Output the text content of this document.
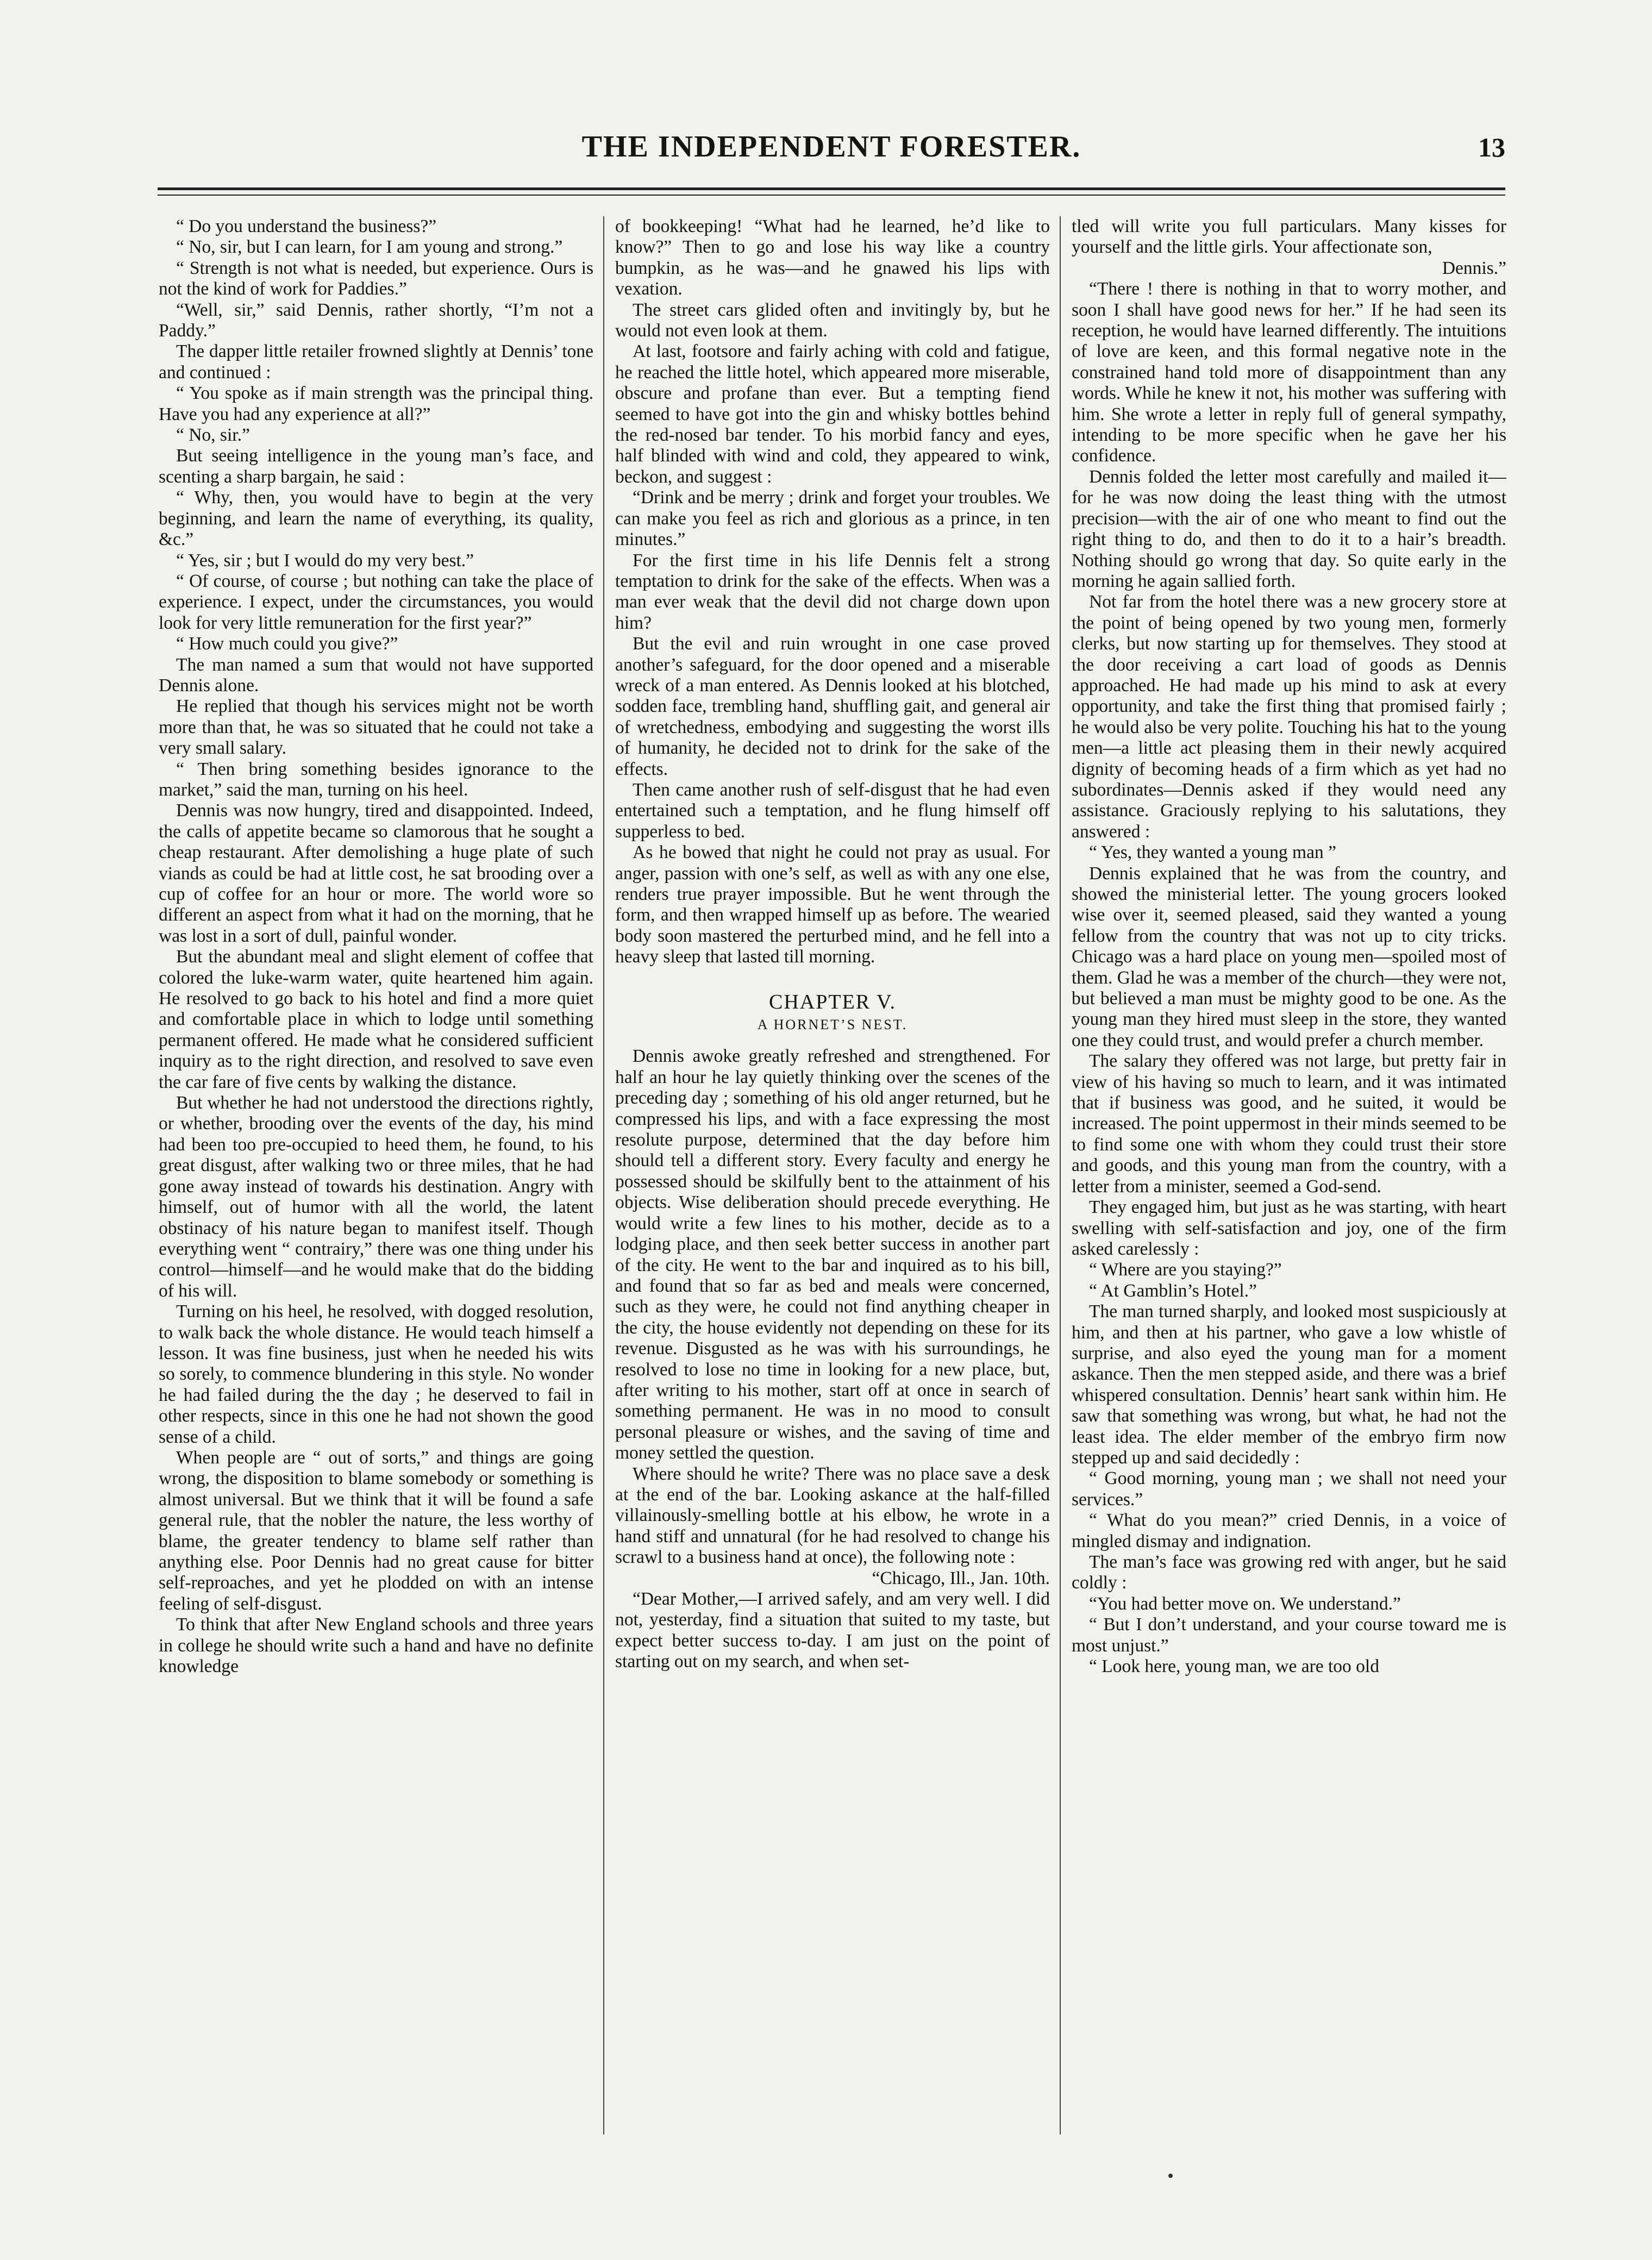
THE INDEPENDENT FORESTER.	13

“ Do you understand the business?”

“ No, sir, but I can learn, for I am young and strong.”

“ Strength is not what is needed, but experience. Ours is not the kind of work for Paddies.”

“Well, sir,” said Dennis, rather shortly, “I’m not a Paddy.”

The dapper little retailer frowned slightly at Dennis’ tone and continued :

“ You spoke as if main strength was the principal thing. Have you had any experience at all?”

“ No, sir.”

But seeing intelligence in the young man’s face, and scenting a sharp bargain, he said :

“ Why, then, you would have to begin at the very beginning, and learn the name of everything, its quality, &c.”

“ Yes, sir ; but I would do my very best.”

“ Of course, of course ; but nothing can take the place of experience. I expect, under the circumstances, you would look for very little remuneration for the first year?”

“ How much could you give?”

The man named a sum that would not have supported Dennis alone.

He replied that though his services might not be worth more than that, he was so situated that he could not take a very small salary.

“ Then bring something besides ignorance to the market,” said the man, turning on his heel.

Dennis was now hungry, tired and disappointed. Indeed, the calls of appetite became so clamorous that he sought a cheap restaurant. After demolishing a huge plate of such viands as could be had at little cost, he sat brooding over a cup of coffee for an hour or more. The world wore so different an aspect from what it had on the morning, that he was lost in a sort of dull, painful wonder.

But the abundant meal and slight element of coffee that colored the luke-warm water, quite heartened him again. He resolved to go back to his hotel and find a more quiet and comfortable place in which to lodge until something permanent offered. He made what he considered sufficient inquiry as to the right direction, and resolved to save even the car fare of five cents by walking the distance.

But whether he had not understood the directions rightly, or whether, brooding over the events of the day, his mind had been too pre-occupied to heed them, he found, to his great disgust, after walking two or three miles, that he had gone away instead of towards his destination. Angry with himself, out of humor with all the world, the latent obstinacy of his nature began to manifest itself. Though everything went “ contrairy,” there was one thing under his control—himself—and he would make that do the bidding of his will.

Turning on his heel, he resolved, with dogged resolution, to walk back the whole distance. He would teach himself a lesson. It was fine business, just when he needed his wits so sorely, to commence blundering in this style. No wonder he had failed during the the day ; he deserved to fail in other respects, since in this one he had not shown the good sense of a child.

When people are “ out of sorts,” and things are going wrong, the disposition to blame somebody or something is almost universal. But we think that it will be found a safe general rule, that the nobler the nature, the less worthy of blame, the greater tendency to blame self rather than anything else. Poor Dennis had no great cause for bitter self-reproaches, and yet he plodded on with an intense feeling of self-disgust.

To think that after New England schools and three years in college he should write such a hand and have no definite knowledge

of bookkeeping! “What had he learned, he’d like to know?” Then to go and lose his way like a country bumpkin, as he was—and he gnawed his lips with vexation.

The street cars glided often and invitingly by, but he would not even look at them.

At last, footsore and fairly aching with cold and fatigue, he reached the little hotel, which appeared more miserable, obscure and profane than ever. But a tempting fiend seemed to have got into the gin and whisky bottles behind the red-nosed bar tender. To his morbid fancy and eyes, half blinded with wind and cold, they appeared to wink, beckon, and suggest :

“Drink and be merry ; drink and forget your troubles. We can make you feel as rich and glorious as a prince, in ten minutes.”

For the first time in his life Dennis felt a strong temptation to drink for the sake of the effects. When was a man ever weak that the devil did not charge down upon him?

But the evil and ruin wrought in one case proved another’s safeguard, for the door opened and a miserable wreck of a man entered. As Dennis looked at his blotched, sodden face, trembling hand, shuffling gait, and general air of wretchedness, embodying and suggesting the worst ills of humanity, he decided not to drink for the sake of the effects.

Then came another rush of self-disgust that he had even entertained such a temptation, and he flung himself off supperless to bed.

As he bowed that night he could not pray as usual. For anger, passion with one’s self, as well as with any one else, renders true prayer impossible. But he went through the form, and then wrapped himself up as before. The wearied body soon mastered the perturbed mind, and he fell into a heavy sleep that lasted till morning.

CHAPTER V.
A HORNET’S NEST.

Dennis awoke greatly refreshed and strengthened. For half an hour he lay quietly thinking over the scenes of the preceding day ; something of his old anger returned, but he compressed his lips, and with a face expressing the most resolute purpose, determined that the day before him should tell a different story. Every faculty and energy he possessed should be skilfully bent to the attainment of his objects. Wise deliberation should precede everything. He would write a few lines to his mother, decide as to a lodging place, and then seek better success in another part of the city. He went to the bar and inquired as to his bill, and found that so far as bed and meals were concerned, such as they were, he could not find anything cheaper in the city, the house evidently not depending on these for its revenue. Disgusted as he was with his surroundings, he resolved to lose no time in looking for a new place, but, after writing to his mother, start off at once in search of something permanent. He was in no mood to consult personal pleasure or wishes, and the saving of time and money settled the question.

Where should he write? There was no place save a desk at the end of the bar. Looking askance at the half-filled villainously-smelling bottle at his elbow, he wrote in a hand stiff and unnatural (for he had resolved to change his scrawl to a business hand at once), the following note :

“Chicago, Ill., Jan. 10th.

“Dear Mother,—I arrived safely, and am very well. I did not, yesterday, find a situation that suited to my taste, but expect better success to-day. I am just on the point of starting out on my search, and when set-

tled will write you full particulars. Many kisses for yourself and the little girls. Your affectionate son,

Dennis.”

“There ! there is nothing in that to worry mother, and soon I shall have good news for her.” If he had seen its reception, he would have learned differently. The intuitions of love are keen, and this formal negative note in the constrained hand told more of disappointment than any words. While he knew it not, his mother was suffering with him. She wrote a letter in reply full of general sympathy, intending to be more specific when he gave her his confidence.

Dennis folded the letter most carefully and mailed it—for he was now doing the least thing with the utmost precision—with the air of one who meant to find out the right thing to do, and then to do it to a hair’s breadth. Nothing should go wrong that day. So quite early in the morning he again sallied forth.

Not far from the hotel there was a new grocery store at the point of being opened by two young men, formerly clerks, but now starting up for themselves. They stood at the door receiving a cart load of goods as Dennis approached. He had made up his mind to ask at every opportunity, and take the first thing that promised fairly ; he would also be very polite. Touching his hat to the young men—a little act pleasing them in their newly acquired dignity of becoming heads of a firm which as yet had no subordinates—Dennis asked if they would need any assistance. Graciously replying to his salutations, they answered :

“ Yes, they wanted a young man ”

Dennis explained that he was from the country, and showed the ministerial letter. The young grocers looked wise over it, seemed pleased, said they wanted a young fellow from the country that was not up to city tricks. Chicago was a hard place on young men—spoiled most of them. Glad he was a member of the church—they were not, but believed a man must be mighty good to be one. As the young man they hired must sleep in the store, they wanted one they could trust, and would prefer a church member.

The salary they offered was not large, but pretty fair in view of his having so much to learn, and it was intimated that if business was good, and he suited, it would be increased. The point uppermost in their minds seemed to be to find some one with whom they could trust their store and goods, and this young man from the country, with a letter from a minister, seemed a God-send.

They engaged him, but just as he was starting, with heart swelling with self-satisfaction and joy, one of the firm asked carelessly :

“ Where are you staying?”

“ At Gamblin’s Hotel.”

The man turned sharply, and looked most suspiciously at him, and then at his partner, who gave a low whistle of surprise, and also eyed the young man for a moment askance. Then the men stepped aside, and there was a brief whispered consultation. Dennis’ heart sank within him. He saw that something was wrong, but what, he had not the least idea. The elder member of the embryo firm now stepped up and said decidedly :

“ Good morning, young man ; we shall not need your services.”

“ What do you mean?” cried Dennis, in a voice of mingled dismay and indignation.

The man’s face was growing red with anger, but he said coldly :

“You had better move on. We understand.”

“ But I don’t understand, and your course toward me is most unjust.”

“ Look here, young man, we are too old
